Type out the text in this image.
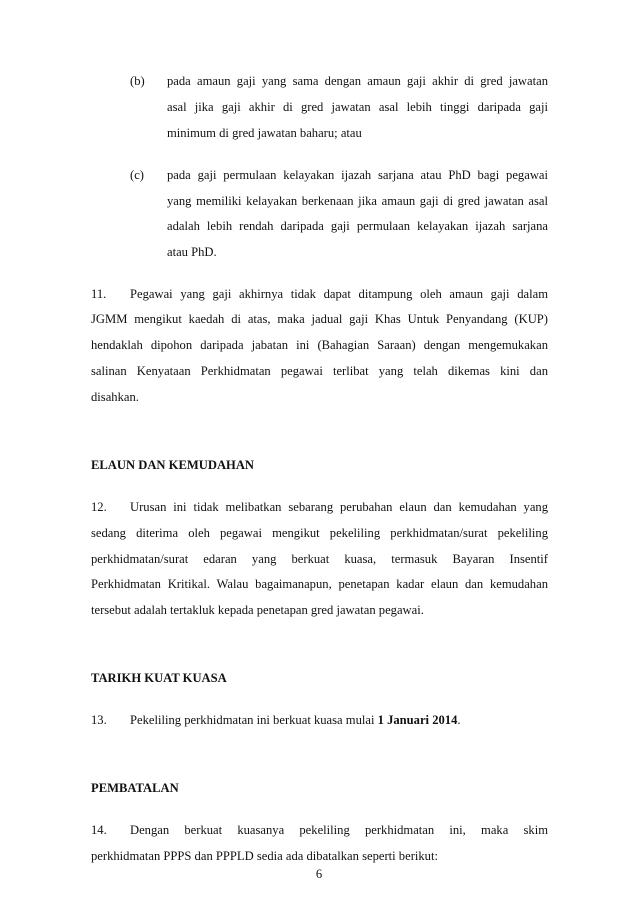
(b) pada amaun gaji yang sama dengan amaun gaji akhir di gred jawatan
asal jika gaji akhir di gred jawatan asal lebih tinggi daripada gaji
minimum di gred jawatan baharu; atau
(c) pada gaji permulaan kelayakan ijazah sarjana atau PhD bagi pegawai
yang memiliki kelayakan berkenaan jika amaun gaji di gred jawatan asal
adalah lebih rendah daripada gaji permulaan kelayakan ijazah sarjana
atau PhD.
11. Pegawai yang gaji akhirnya tidak dapat ditampung oleh amaun gaji dalam
JGMM mengikut kaedah di atas, maka jadual gaji Khas Untuk Penyandang (KUP)
hendaklah dipohon daripada jabatan ini (Bahagian Saraan) dengan mengemukakan
salinan Kenyataan Perkhidmatan pegawai terlibat yang telah dikemas kini dan
disahkan.
ELAUN DAN KEMUDAHAN
12. Urusan ini tidak melibatkan sebarang perubahan elaun dan kemudahan yang
sedang diterima oleh pegawai mengikut pekeliling perkhidmatan/surat pekeliling
perkhidmatan/surat edaran yang berkuat kuasa, termasuk Bayaran Insentif
Perkhidmatan Kritikal. Walau bagaimanapun, penetapan kadar elaun dan kemudahan
tersebut adalah tertakluk kepada penetapan gred jawatan pegawai.
TARIKH KUAT KUASA
13. Pekeliling perkhidmatan ini berkuat kuasa mulai 1 Januari 2014.
PEMBATALAN
14. Dengan berkuat kuasanya pekeliling perkhidmatan ini, maka skim
perkhidmatan PPPS dan PPPLD sedia ada dibatalkan seperti berikut:
6
